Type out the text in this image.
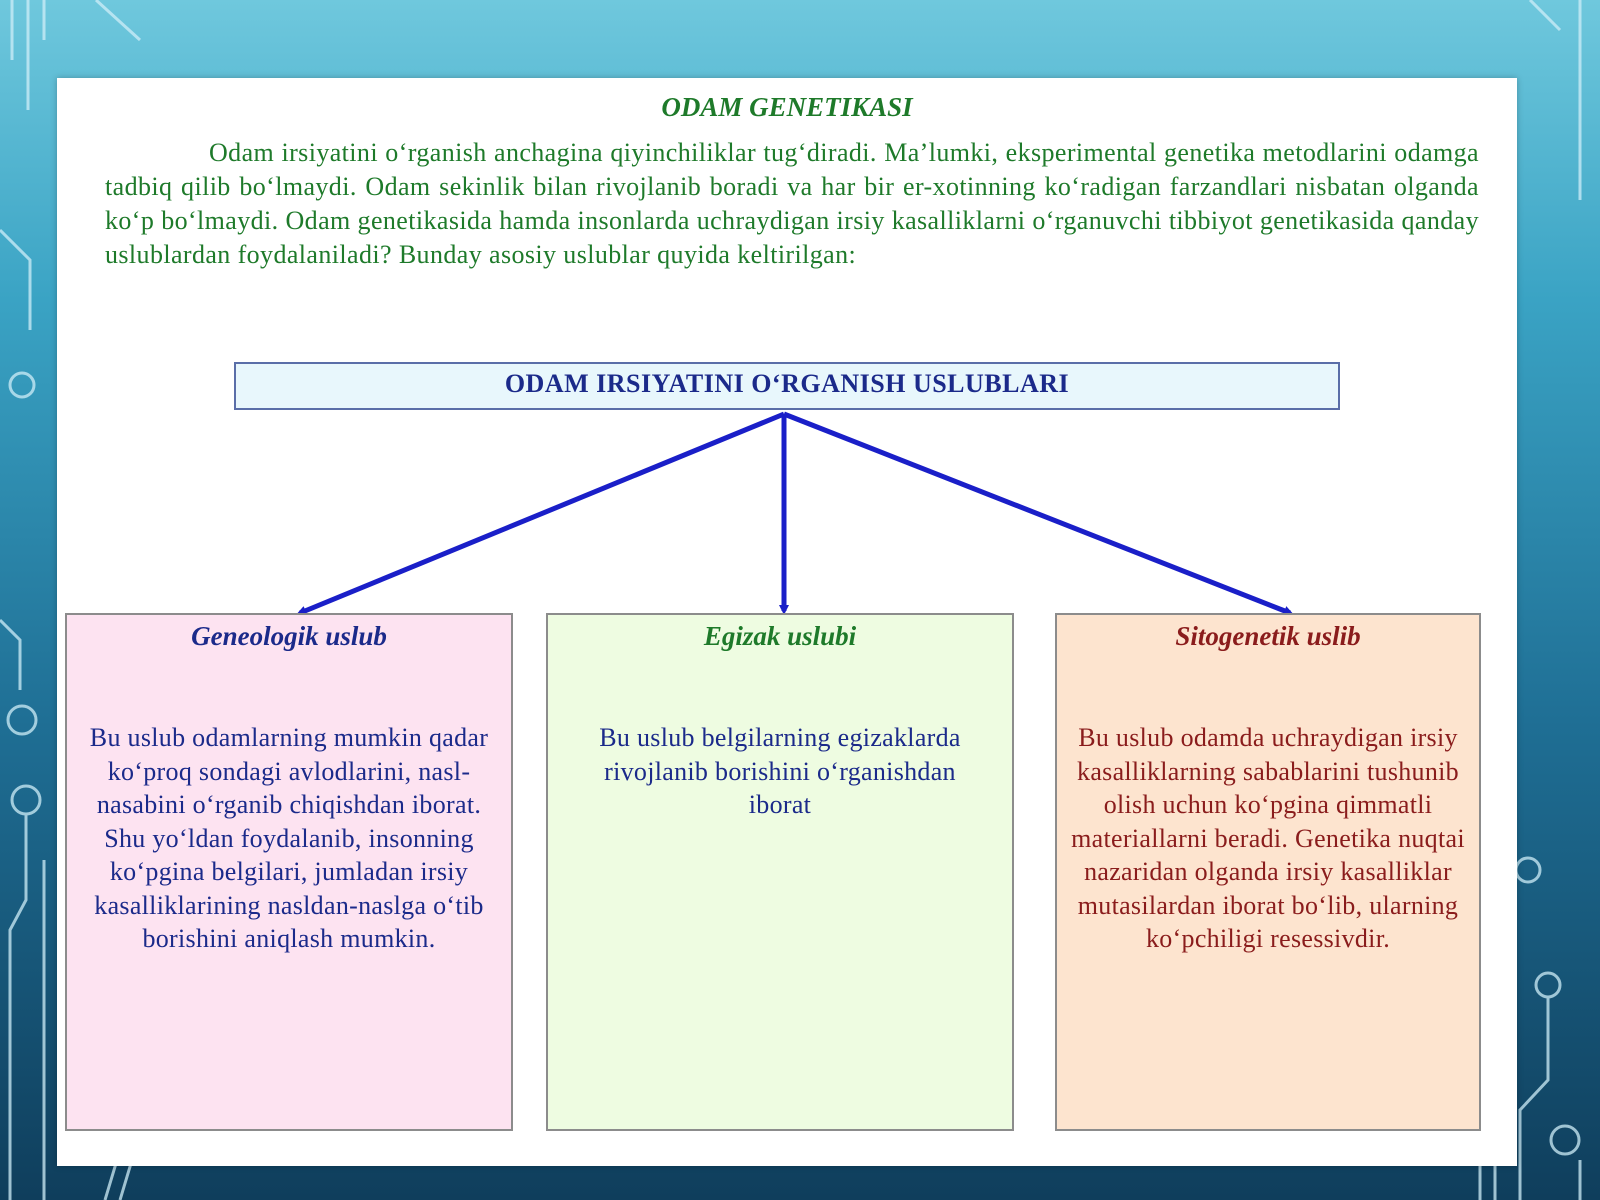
ODAM GENETIKASI

Odam irsiyatini o‘rganish anchagina qiyinchiliklar tug‘diradi. Ma’lumki, eksperimental genetika metodlarini odamga tadbiq qilib bo‘lmaydi. Odam sekinlik bilan rivojlanib boradi va har bir er-xotinning ko‘radigan farzandlari nisbatan olganda ko‘p bo‘lmaydi. Odam genetikasida hamda insonlarda uchraydigan irsiy kasalliklarni o‘rganuvchi tibbiyot genetikasida qanday uslublardan foydalaniladi? Bunday asosiy uslublar quyida keltirilgan:

ODAM IRSIYATINI O‘RGANISH USLUBLARI

Geneologik uslub

Bu uslub odamlarning mumkin qadar ko‘proq sondagi avlodlarini, nasl-nasabini o‘rganib chiqishdan iborat. Shu yo‘ldan foydalanib, insonning ko‘pgina belgilari, jumladan irsiy kasalliklarining nasldan-naslga o‘tib borishini aniqlash mumkin.

Egizak uslubi

Bu uslub belgilarning egizaklarda rivojlanib borishini o‘rganishdan iborat

Sitogenetik uslib

Bu uslub odamda uchraydigan irsiy kasalliklarning sabablarini tushunib olish uchun ko‘pgina qimmatli materiallarni beradi. Genetika nuqtai nazaridan olganda irsiy kasalliklar mutasilardan iborat bo‘lib, ularning ko‘pchiligi resessivdir.
